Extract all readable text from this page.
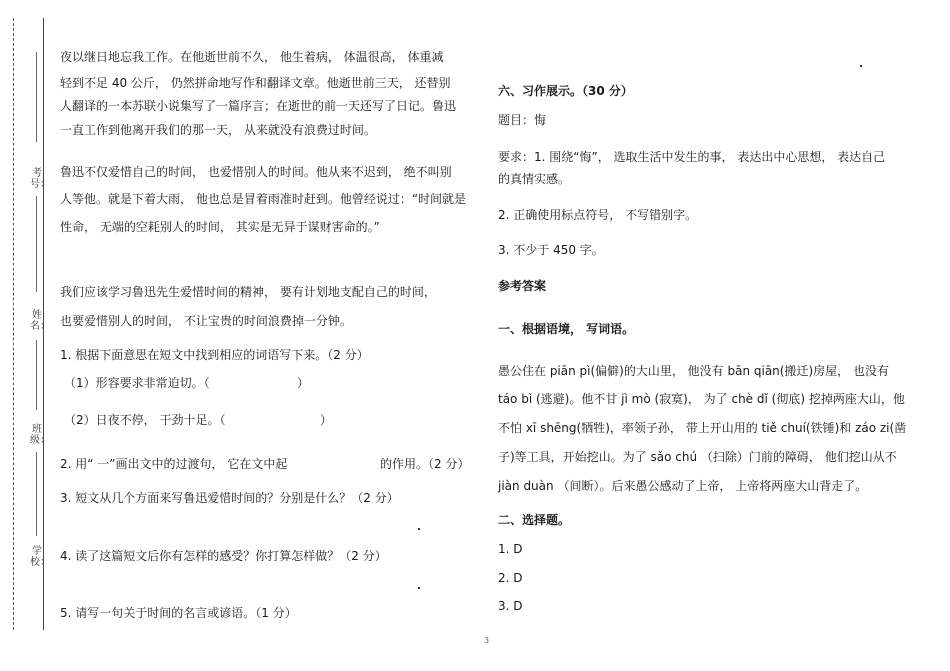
考号：
姓名：
班级：
学校：
夜以继日地忘我工作。在他逝世前不久， 他生着病， 体温很高， 体重减
轻到不足 40 公斤， 仍然拼命地写作和翻译文章。他逝世前三天， 还替别
人翻译的一本苏联小说集写了一篇序言；在逝世的前一天还写了日记。鲁迅
一直工作到他离开我们的那一天， 从来就没有浪费过时间。
鲁迅不仅爱惜自己的时间， 也爱惜别人的时间。他从来不迟到， 绝不叫别
人等他。就是下着大雨， 他也总是冒着雨准时赶到。他曾经说过：“时间就是
性命， 无端的空耗别人的时间， 其实是无异于谋财害命的。”
我们应该学习鲁迅先生爱惜时间的精神， 要有计划地支配自己的时间，
也要爱惜别人的时间， 不让宝贵的时间浪费掉一分钟。
1. 根据下面意思在短文中找到相应的词语写下来。（2 分）
（1）形容要求非常迫切。（	）
（2）日夜不停， 干劲十足。（	）
2. 用“ 一”画出文中的过渡句， 它在文中起	的作用。（2 分）
3. 短文从几个方面来写鲁迅爱惜时间的？分别是什么？（2 分）
4. 读了这篇短文后你有怎样的感受？你打算怎样做？（2 分）
5. 请写一句关于时间的名言或谚语。（1 分）
六、习作展示。（30 分）
题目：悔
要求：1. 围绕“悔”， 选取生活中发生的事， 表达出中心思想， 表达自己
的真情实感。
2. 正确使用标点符号， 不写错别字。
3. 不少于 450 字。
参考答案
一、根据语境， 写词语。
愚公住在 piān pì(偏僻)的大山里， 他没有 bān qiān(搬迁)房屋， 也没有
táo bì (逃避)。他不甘 jì mò (寂寞)， 为了 chè dǐ (彻底) 挖掉两座大山，他
不怕 xī shēng(牺牲)，率领子孙， 带上开山用的 tiě chuí(铁锤)和 záo zi(凿
子)等工具，开始挖山。为了 sǎo chú （扫除）门前的障碍， 他们挖山从不
jiàn duàn （间断）。后来愚公感动了上帝， 上帝将两座大山背走了。
二、选择题。
1. D
2. D
3. D
3
